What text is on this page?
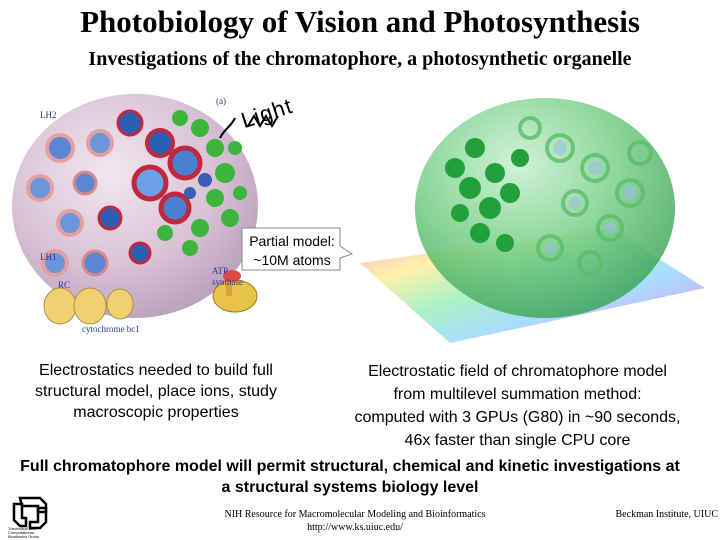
Photobiology of Vision and Photosynthesis
Investigations of the chromatophore, a photosynthetic organelle
(a)
LH2
LH1
RC
ATP
synthase
cytochrome bc1
Light
Partial model:
~10M atoms
Electrostatics needed to build full structural model, place ions, study macroscopic properties
Electrostatic field of chromatophore model
from multilevel summation method:
computed with 3 GPUs (G80) in ~90 seconds,
46x faster than single CPU core
Full chromatophore model will permit structural, chemical and kinetic investigations at a structural systems biology level
Theoretical and
Computational
Biophysics Group
NIH Resource for Macromolecular Modeling and Bioinformatics
http://www.ks.uiuc.edu/
Beckman Institute, UIUC
